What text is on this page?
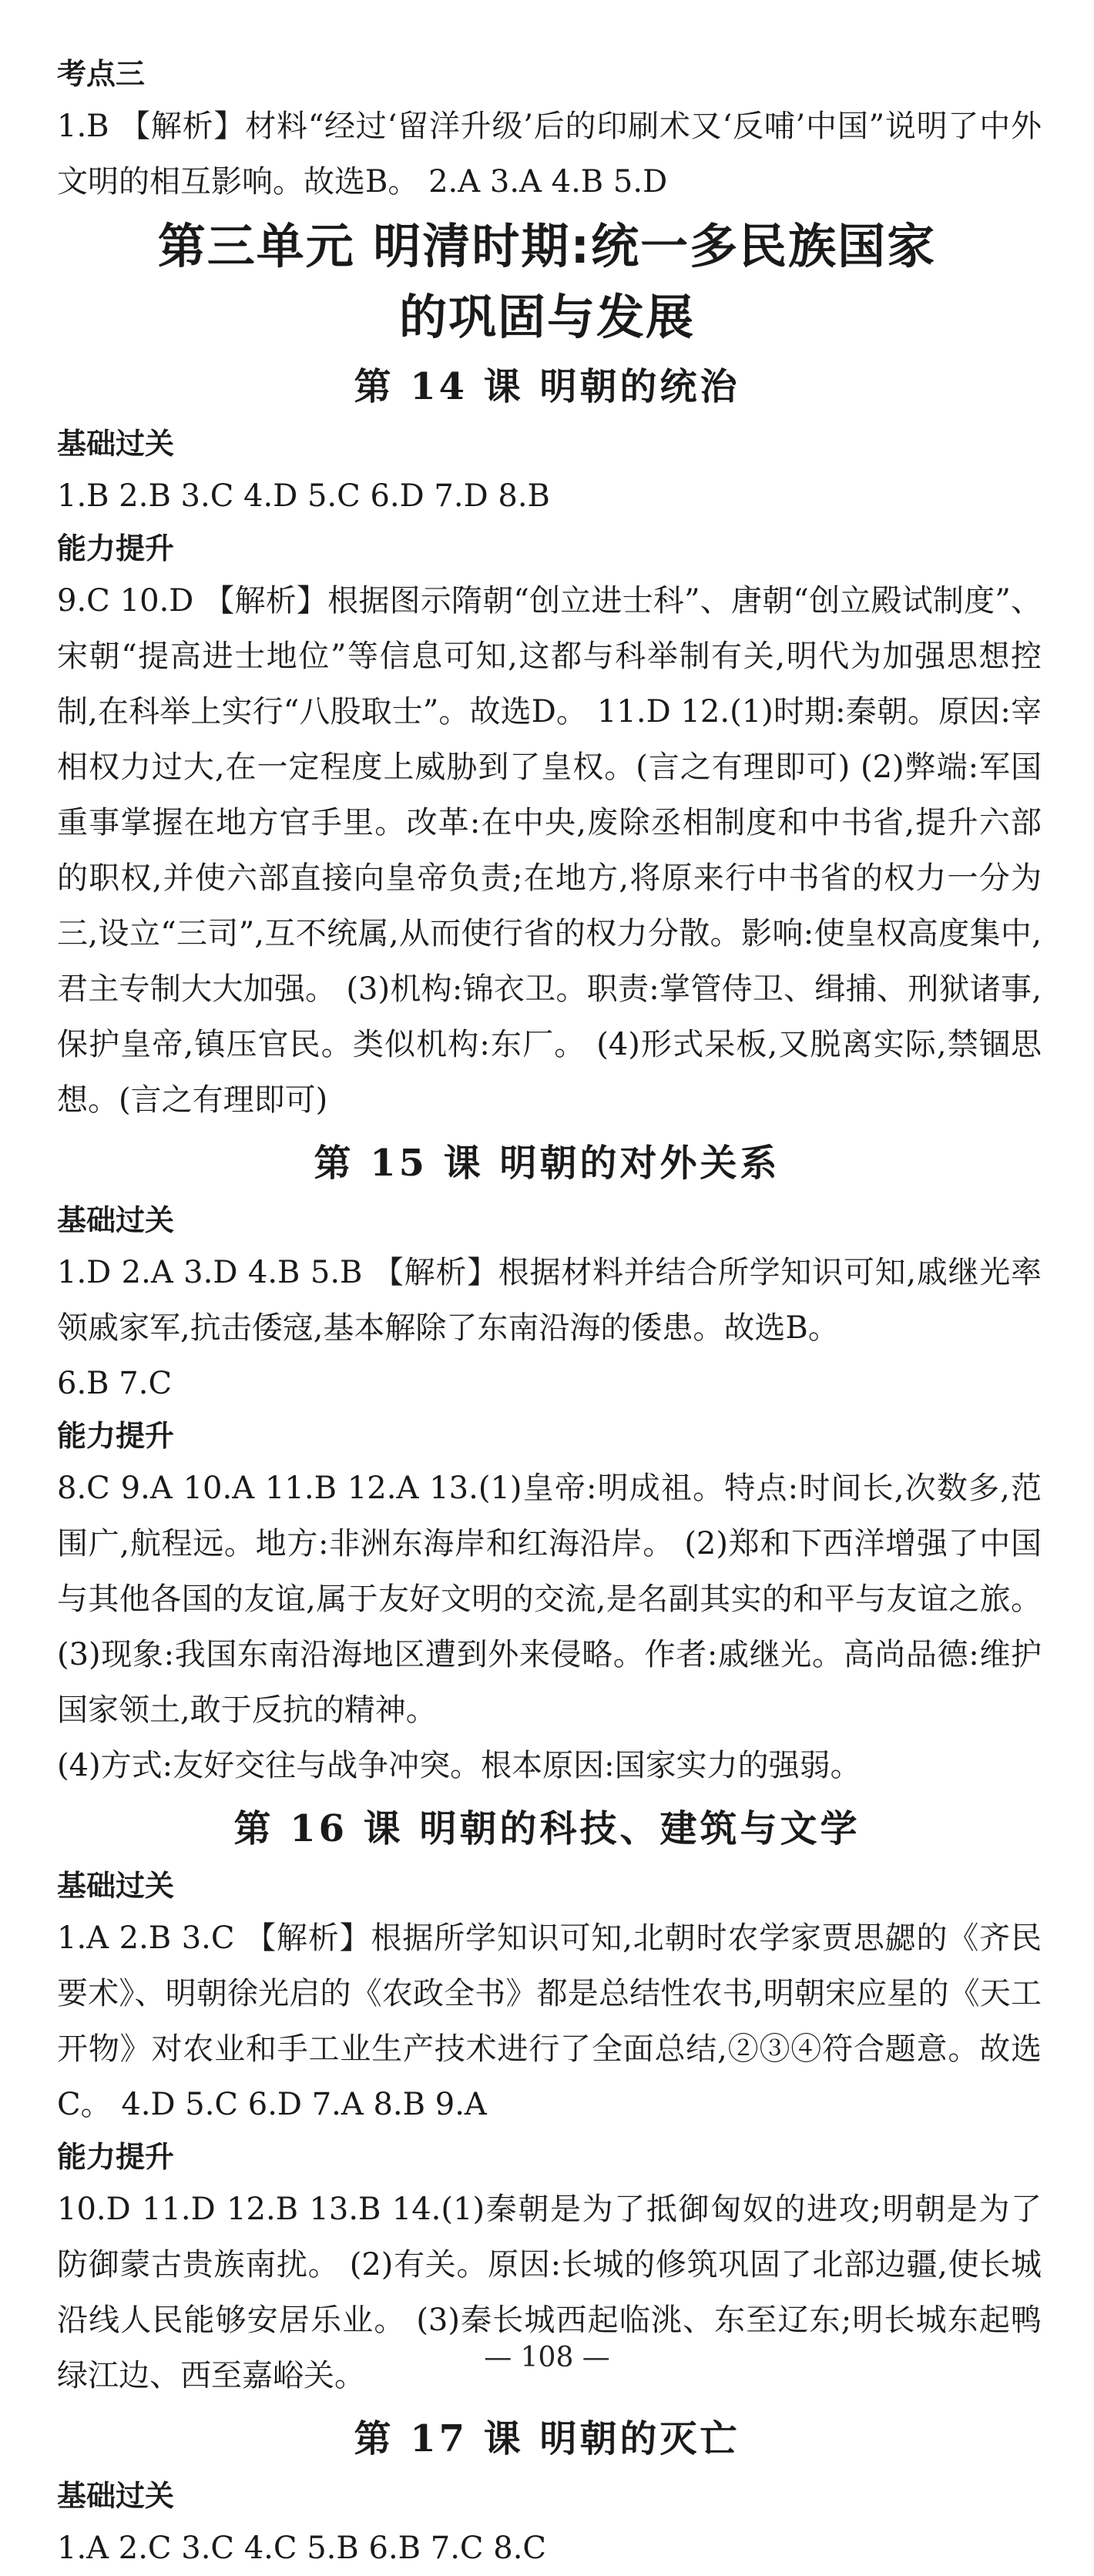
考点三
1.B 【解析】材料“经过‘留洋升级’后的印刷术又‘反哺’中国”说明了中外文明的相互影响。故选B。 2.A 3.A 4.B 5.D
第三单元 明清时期:统一多民族国家
的巩固与发展
第 14 课 明朝的统治
基础过关
1.B 2.B 3.C 4.D 5.C 6.D 7.D 8.B
能力提升
9.C 10.D 【解析】根据图示隋朝“创立进士科”、唐朝“创立殿试制度”、宋朝“提高进士地位”等信息可知,这都与科举制有关,明代为加强思想控制,在科举上实行“八股取士”。故选D。 11.D 12.(1)时期:秦朝。原因:宰相权力过大,在一定程度上威胁到了皇权。(言之有理即可) (2)弊端:军国重事掌握在地方官手里。改革:在中央,废除丞相制度和中书省,提升六部的职权,并使六部直接向皇帝负责;在地方,将原来行中书省的权力一分为三,设立“三司”,互不统属,从而使行省的权力分散。影响:使皇权高度集中,君主专制大大加强。 (3)机构:锦衣卫。职责:掌管侍卫、缉捕、刑狱诸事,保护皇帝,镇压官民。类似机构:东厂。 (4)形式呆板,又脱离实际,禁锢思想。(言之有理即可)
第 15 课 明朝的对外关系
基础过关
1.D 2.A 3.D 4.B 5.B 【解析】根据材料并结合所学知识可知,戚继光率领戚家军,抗击倭寇,基本解除了东南沿海的倭患。故选B。
6.B 7.C
能力提升
8.C 9.A 10.A 11.B 12.A 13.(1)皇帝:明成祖。特点:时间长,次数多,范围广,航程远。地方:非洲东海岸和红海沿岸。 (2)郑和下西洋增强了中国与其他各国的友谊,属于友好文明的交流,是名副其实的和平与友谊之旅。 (3)现象:我国东南沿海地区遭到外来侵略。作者:戚继光。高尚品德:维护国家领土,敢于反抗的精神。
(4)方式:友好交往与战争冲突。根本原因:国家实力的强弱。
第 16 课 明朝的科技、建筑与文学
基础过关
1.A 2.B 3.C 【解析】根据所学知识可知,北朝时农学家贾思勰的《齐民要术》、明朝徐光启的《农政全书》都是总结性农书,明朝宋应星的《天工开物》对农业和手工业生产技术进行了全面总结,②③④符合题意。故选C。 4.D 5.C 6.D 7.A 8.B 9.A
能力提升
10.D 11.D 12.B 13.B 14.(1)秦朝是为了抵御匈奴的进攻;明朝是为了防御蒙古贵族南扰。 (2)有关。原因:长城的修筑巩固了北部边疆,使长城沿线人民能够安居乐业。 (3)秦长城西起临洮、东至辽东;明长城东起鸭绿江边、西至嘉峪关。
第 17 课 明朝的灭亡
基础过关
1.A 2.C 3.C 4.C 5.B 6.B 7.C 8.C
— 108 —
